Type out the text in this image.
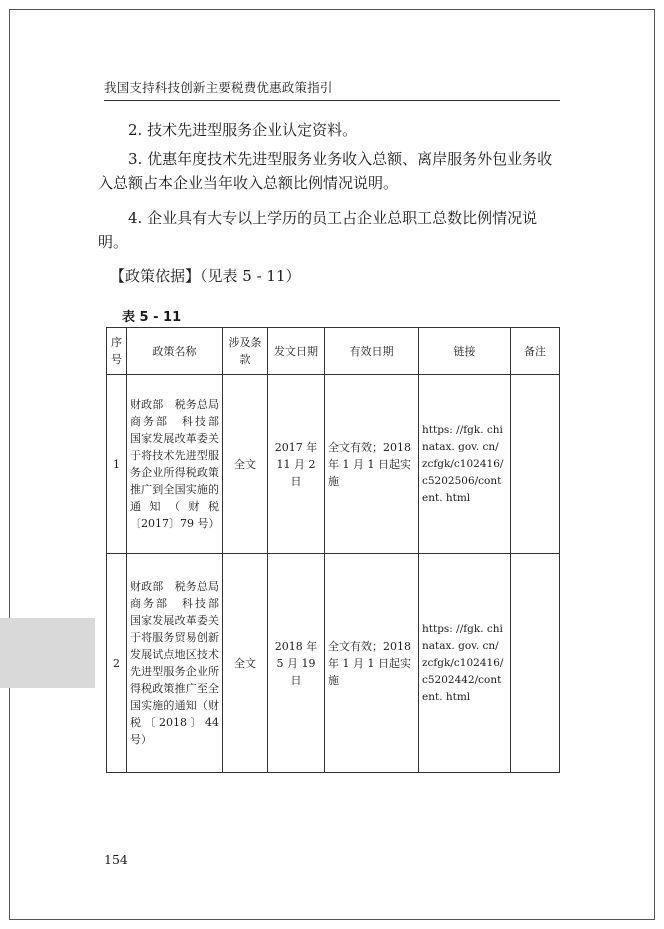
我国支持科技创新主要税费优惠政策指引
2. 技术先进型服务企业认定资料。
3. 优惠年度技术先进型服务业务收入总额、离岸服务外包业务收入总额占本企业当年收入总额比例情况说明。
4. 企业具有大专以上学历的员工占企业总职工总数比例情况说明。
【政策依据】（见表 5 - 11）
表 5 - 11
序号	政策名称	涉及条款	发文日期	有效日期	链接	备注
1	财政部　税务总局　商务部　科技部　国家发展改革委关于将技术先进型服务企业所得税政策推广到全国实施的通知（财税〔2017〕79 号）	全文	2017 年 11 月 2 日	全文有效；2018 年 1 月 1 日起实施	https: //fgk. chinatax. gov. cn/ zcfgk/c102416/ c5202506/content. html	
2	财政部　税务总局　商务部　科技部　国家发展改革委关于将服务贸易创新发展试点地区技术先进型服务企业所得税政策推广至全国实施的通知（财税〔2018〕44 号）	全文	2018 年 5 月 19 日	全文有效；2018 年 1 月 1 日起实施	https: //fgk. chinatax. gov. cn/ zcfgk/c102416/ c5202442/content. html	
154
